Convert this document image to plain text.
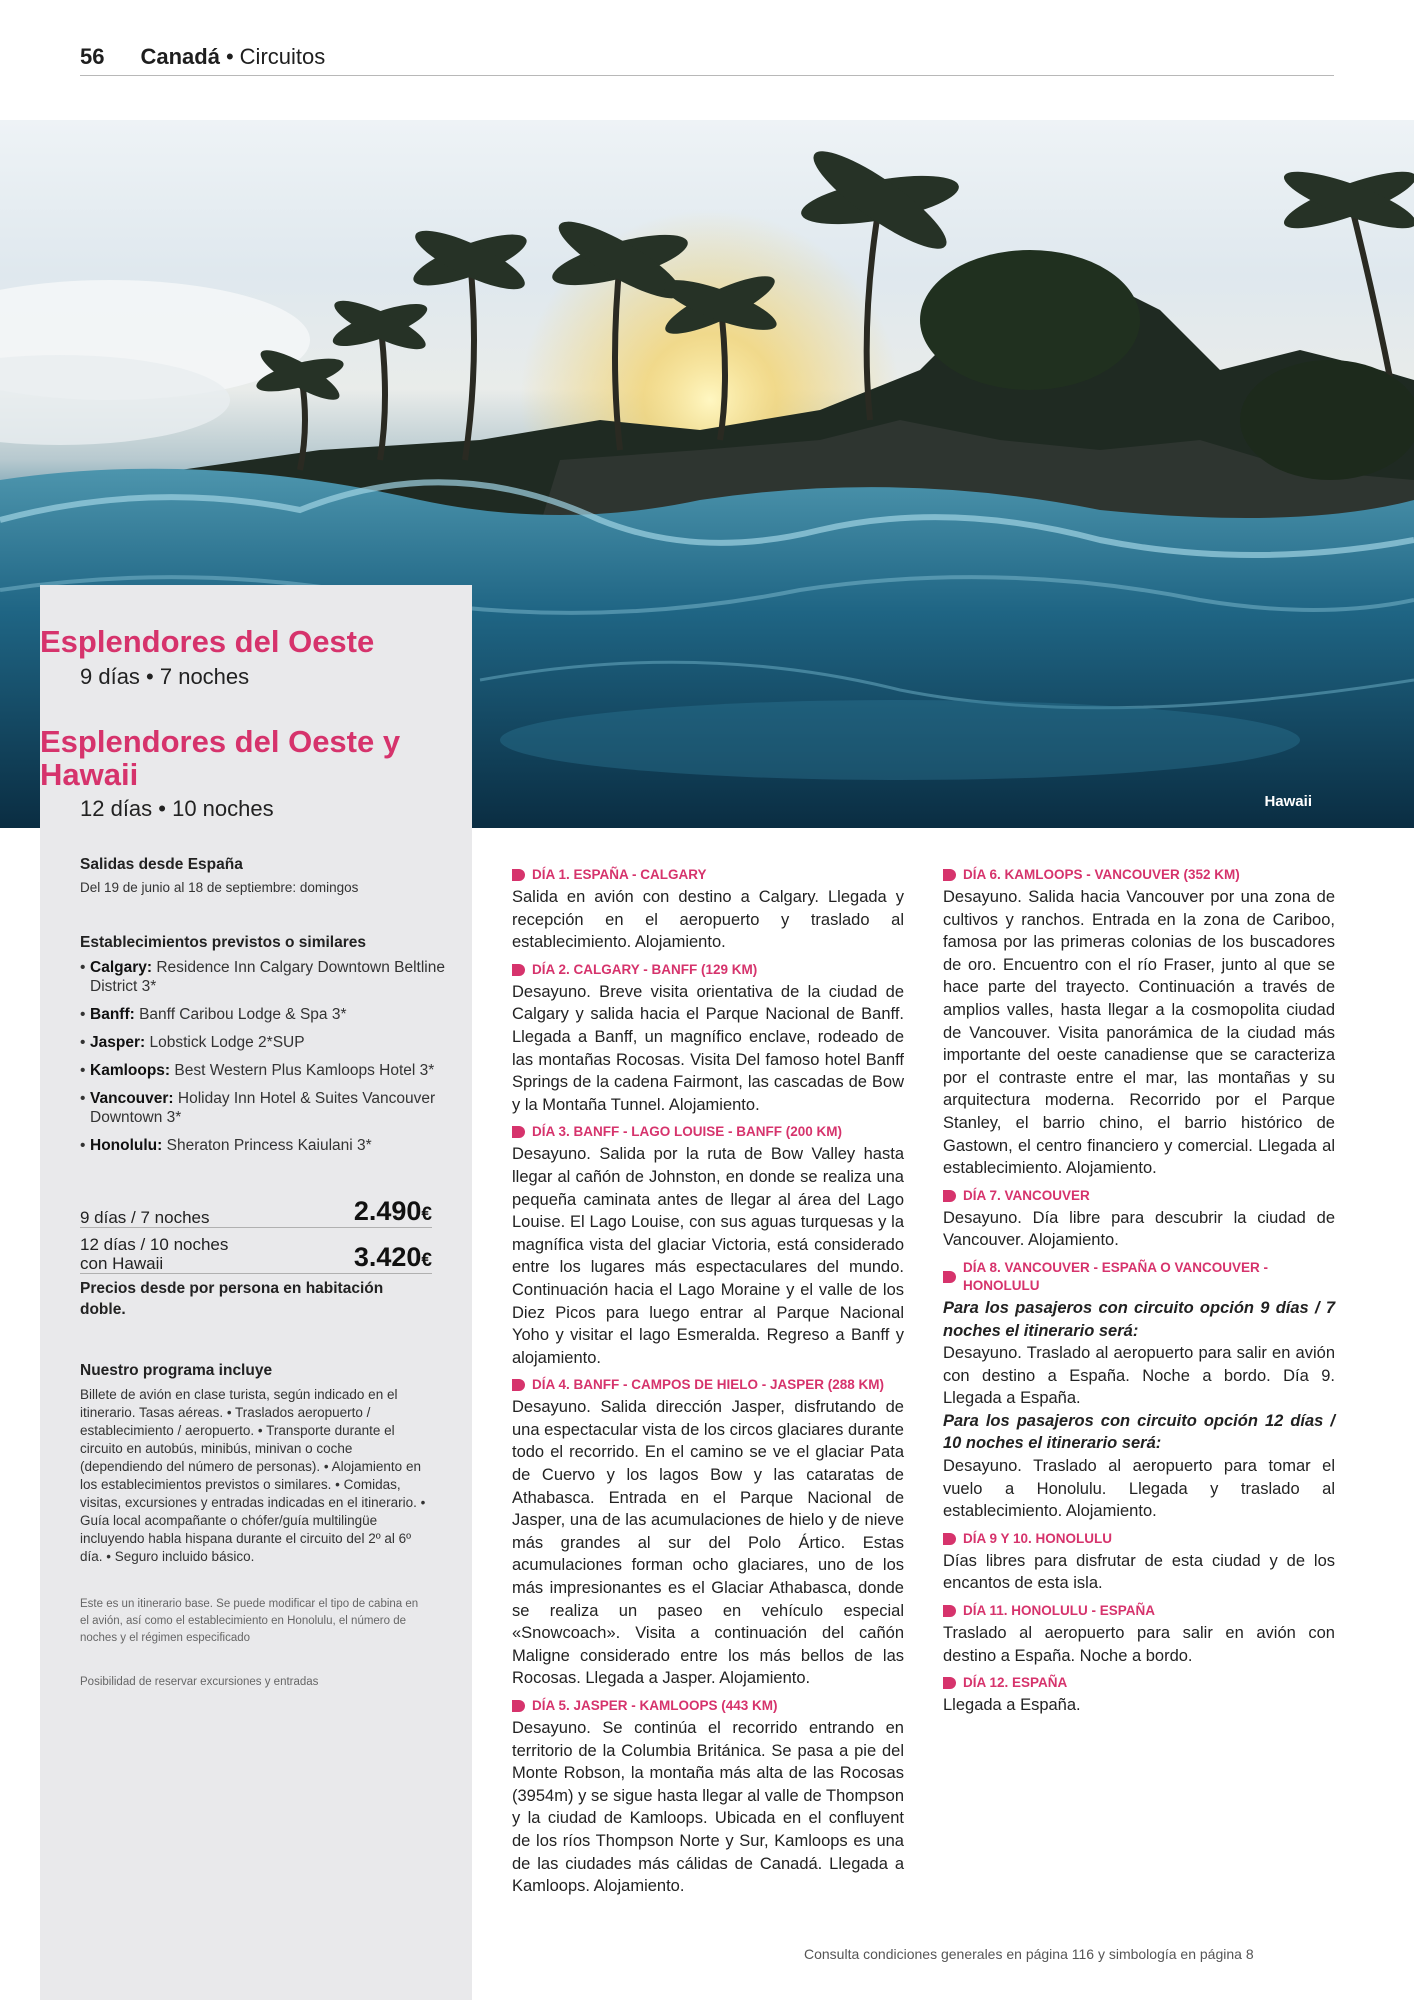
56 Canadá • Circuitos
Hawaii
Esplendores del Oeste
9 días • 7 noches
Esplendores del Oeste y Hawaii
12 días • 10 noches
Salidas desde España
Del 19 de junio al 18 de septiembre: domingos
Establecimientos previstos o similares
• Calgary: Residence Inn Calgary Downtown Beltline District 3*
• Banff: Banff Caribou Lodge & Spa 3*
• Jasper: Lobstick Lodge 2*SUP
• Kamloops: Best Western Plus Kamloops Hotel 3*
• Vancouver: Holiday Inn Hotel & Suites Vancouver Downtown 3*
• Honolulu: Sheraton Princess Kaiulani 3*
9 días / 7 noches	2.490€
12 días / 10 noches con Hawaii	3.420€
Precios desde por persona en habitación doble.
Nuestro programa incluye
Billete de avión en clase turista, según indicado en el itinerario. Tasas aéreas. • Traslados aeropuerto / establecimiento / aeropuerto. • Transporte durante el circuito en autobús, minibús, minivan o coche (dependiendo del número de personas). • Alojamiento en los establecimientos previstos o similares. • Comidas, visitas, excursiones y entradas indicadas en el itinerario. • Guía local acompañante o chófer/guía multilingüe incluyendo habla hispana durante el circuito del 2º al 6º día. • Seguro incluido básico.
Este es un itinerario base. Se puede modificar el tipo de cabina en el avión, así como el establecimiento en Honolulu, el número de noches y el régimen especificado
Posibilidad de reservar excursiones y entradas
DÍA 1. ESPAÑA - CALGARY
Salida en avión con destino a Calgary. Llegada y recepción en el aeropuerto y traslado al establecimiento. Alojamiento.
DÍA 2. CALGARY - BANFF (129 KM)
Desayuno. Breve visita orientativa de la ciudad de Calgary y salida hacia el Parque Nacional de Banff. Llegada a Banff, un magnífico enclave, rodeado de las montañas Rocosas. Visita Del famoso hotel Banff Springs de la cadena Fairmont, las cascadas de Bow y la Montaña Tunnel. Alojamiento.
DÍA 3. BANFF - LAGO LOUISE - BANFF (200 KM)
Desayuno. Salida por la ruta de Bow Valley hasta llegar al cañón de Johnston, en donde se realiza una pequeña caminata antes de llegar al área del Lago Louise. El Lago Louise, con sus aguas turquesas y la magnífica vista del glaciar Victoria, está considerado entre los lugares más espectaculares del mundo. Continuación hacia el Lago Moraine y el valle de los Diez Picos para luego entrar al Parque Nacional Yoho y visitar el lago Esmeralda. Regreso a Banff y alojamiento.
DÍA 4. BANFF - CAMPOS DE HIELO - JASPER (288 KM)
Desayuno. Salida dirección Jasper, disfrutando de una espectacular vista de los circos glaciares durante todo el recorrido. En el camino se ve el glaciar Pata de Cuervo y los lagos Bow y las cataratas de Athabasca. Entrada en el Parque Nacional de Jasper, una de las acumulaciones de hielo y de nieve más grandes al sur del Polo Ártico. Estas acumulaciones forman ocho glaciares, uno de los más impresionantes es el Glaciar Athabasca, donde se realiza un paseo en vehículo especial «Snowcoach». Visita a continuación del cañón Maligne considerado entre los más bellos de las Rocosas. Llegada a Jasper. Alojamiento.
DÍA 5. JASPER - KAMLOOPS (443 KM)
Desayuno. Se continúa el recorrido entrando en territorio de la Columbia Británica. Se pasa a pie del Monte Robson, la montaña más alta de las Rocosas (3954m) y se sigue hasta llegar al valle de Thompson y la ciudad de Kamloops. Ubicada en el confluyent de los ríos Thompson Norte y Sur, Kamloops es una de las ciudades más cálidas de Canadá. Llegada a Kamloops. Alojamiento.
DÍA 6. KAMLOOPS - VANCOUVER (352 KM)
Desayuno. Salida hacia Vancouver por una zona de cultivos y ranchos. Entrada en la zona de Cariboo, famosa por las primeras colonias de los buscadores de oro. Encuentro con el río Fraser, junto al que se hace parte del trayecto. Continuación a través de amplios valles, hasta llegar a la cosmopolita ciudad de Vancouver. Visita panorámica de la ciudad más importante del oeste canadiense que se caracteriza por el contraste entre el mar, las montañas y su arquitectura moderna. Recorrido por el Parque Stanley, el barrio chino, el barrio histórico de Gastown, el centro financiero y comercial. Llegada al establecimiento. Alojamiento.
DÍA 7. VANCOUVER
Desayuno. Día libre para descubrir la ciudad de Vancouver. Alojamiento.
DÍA 8. VANCOUVER - ESPAÑA O VANCOUVER - HONOLULU
Para los pasajeros con circuito opción 9 días / 7 noches el itinerario será:
Desayuno. Traslado al aeropuerto para salir en avión con destino a España. Noche a bordo. Día 9. Llegada a España.
Para los pasajeros con circuito opción 12 días / 10 noches el itinerario será:
Desayuno. Traslado al aeropuerto para tomar el vuelo a Honolulu. Llegada y traslado al establecimiento. Alojamiento.
DÍA 9 Y 10. HONOLULU
Días libres para disfrutar de esta ciudad y de los encantos de esta isla.
DÍA 11. HONOLULU - ESPAÑA
Traslado al aeropuerto para salir en avión con destino a España. Noche a bordo.
DÍA 12. ESPAÑA
Llegada a España.
Consulta condiciones generales en página 116 y simbología en página 8
